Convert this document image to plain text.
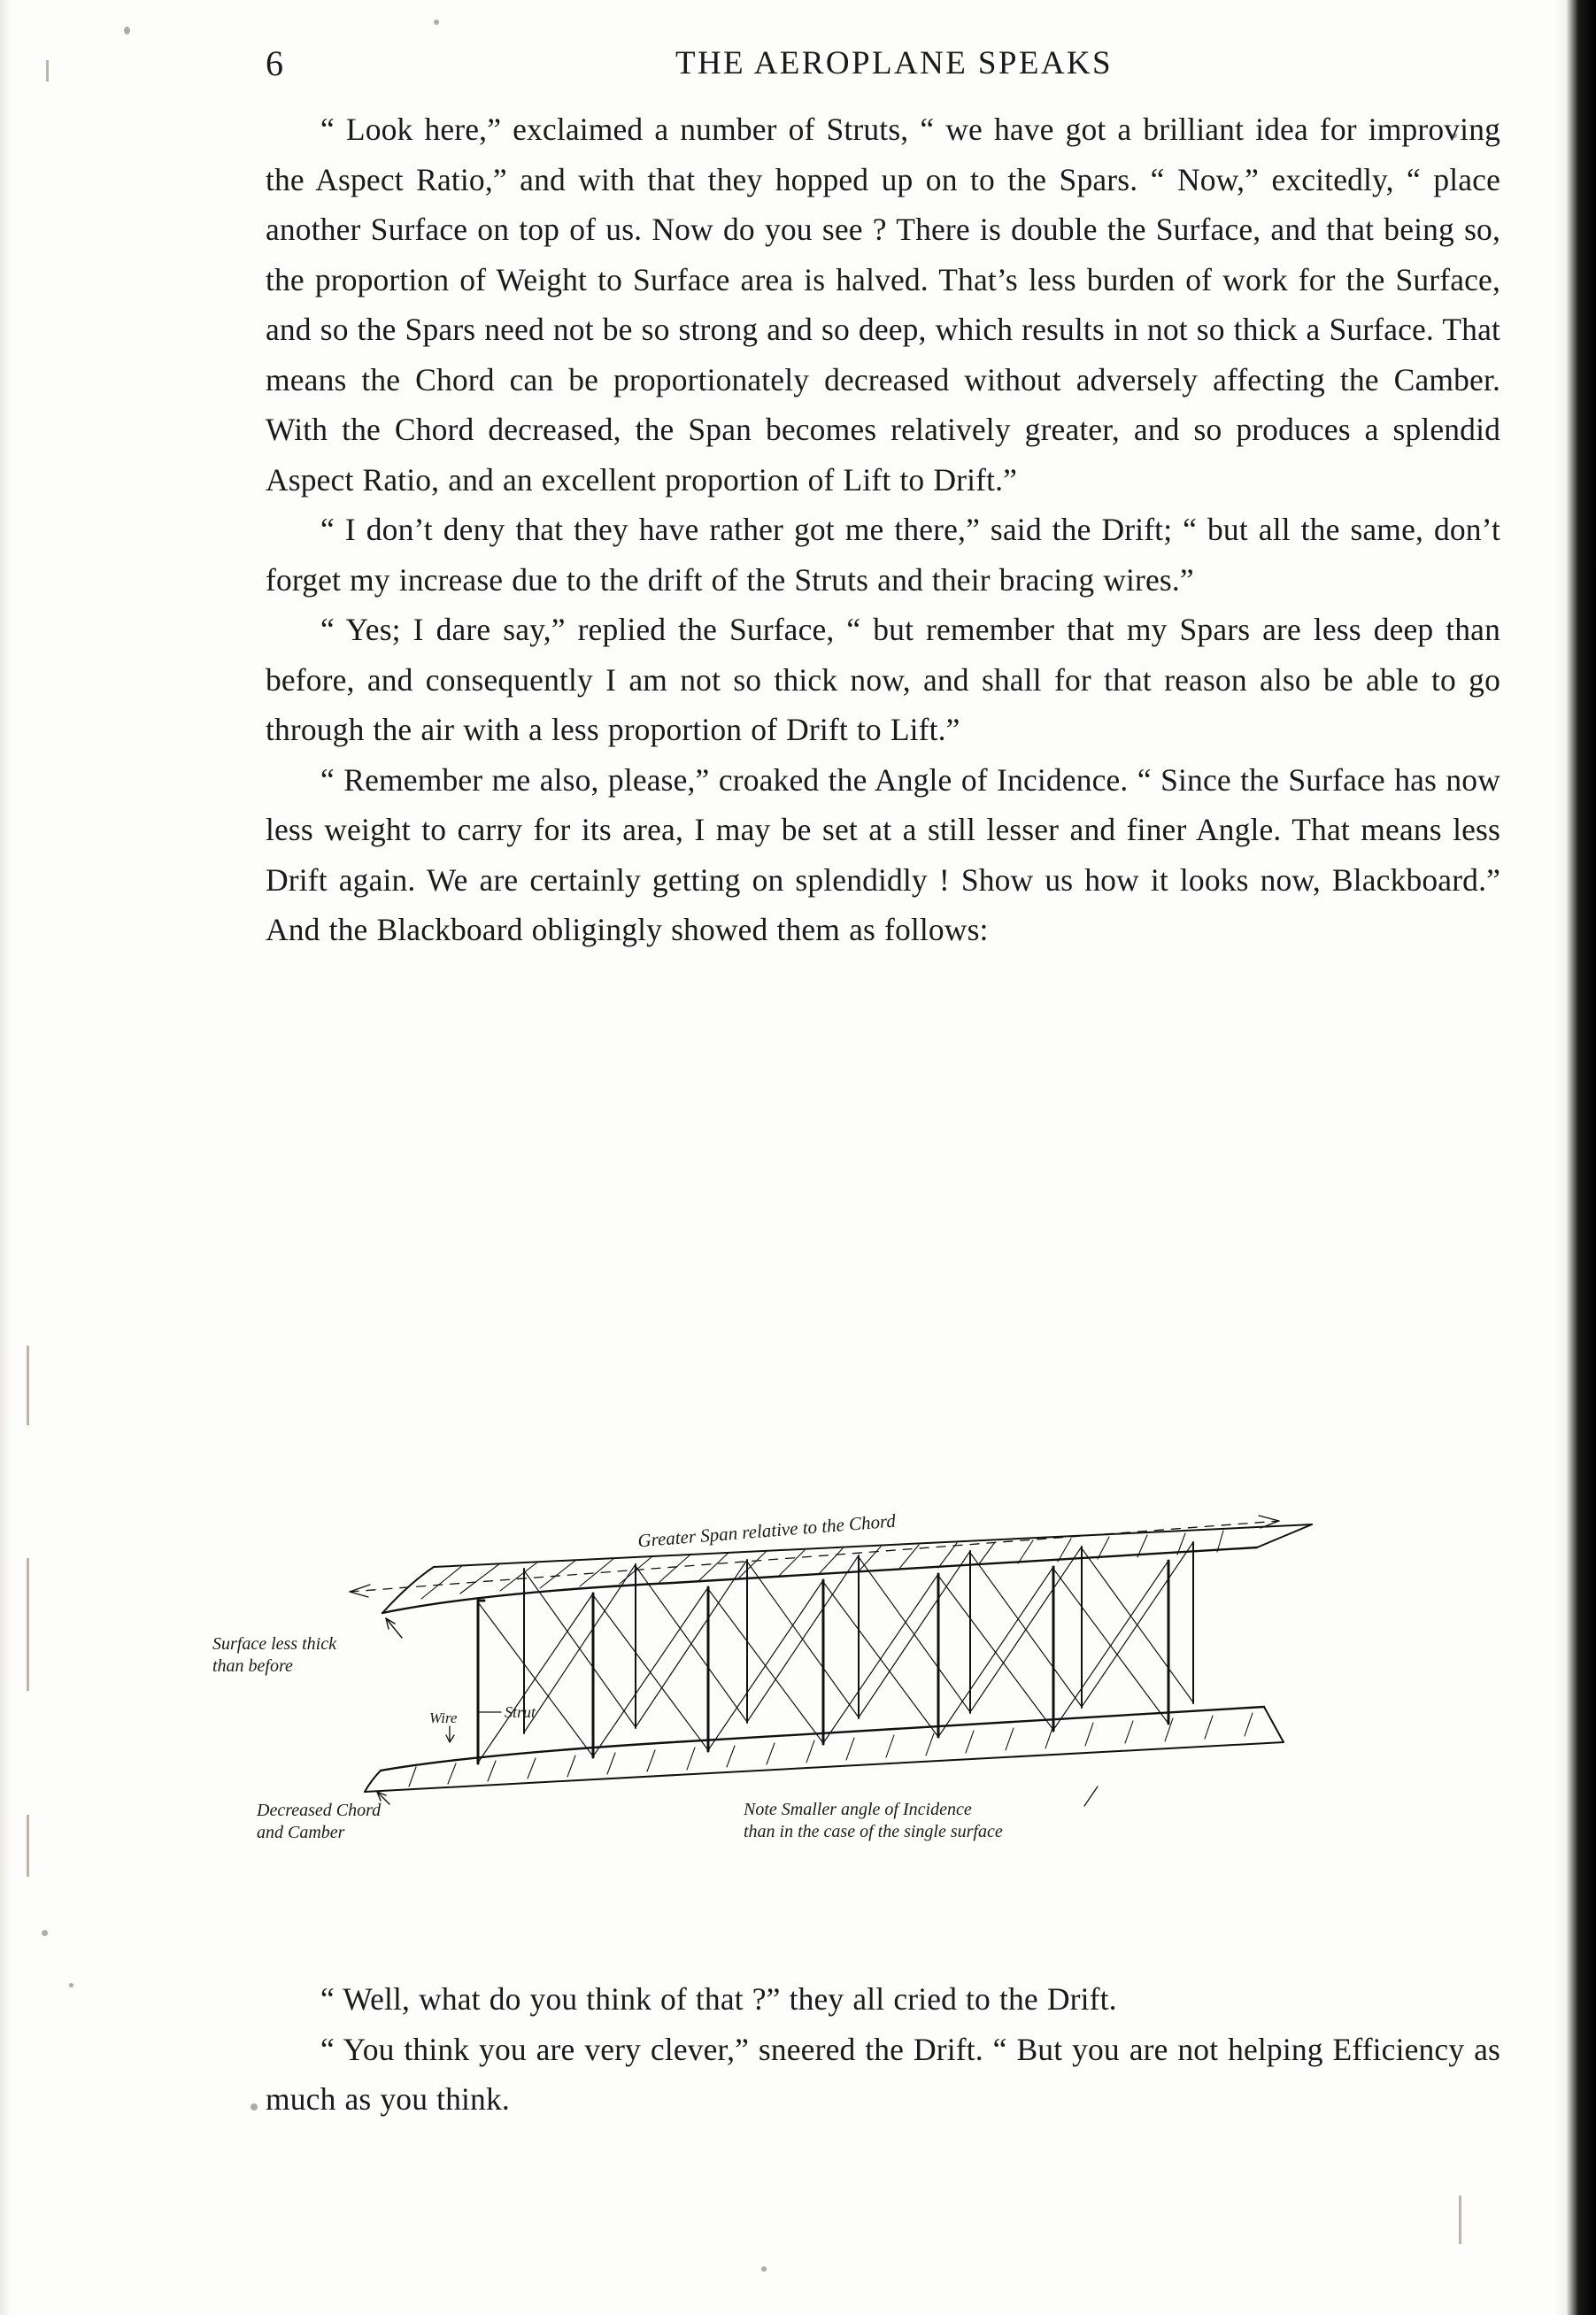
6	THE AEROPLANE SPEAKS

“ Look here,” exclaimed a number of Struts, “ we have got a brilliant idea for improving the Aspect Ratio,” and with that they hopped up on to the Spars. “ Now,” excitedly, “ place another Surface on top of us. Now do you see ? There is double the Surface, and that being so, the proportion of Weight to Surface area is halved. That’s less burden of work for the Surface, and so the Spars need not be so strong and so deep, which results in not so thick a Surface. That means the Chord can be proportionately decreased without adversely affecting the Camber. With the Chord decreased, the Span becomes relatively greater, and so produces a splendid Aspect Ratio, and an excellent proportion of Lift to Drift.”

“ I don’t deny that they have rather got me there,” said the Drift; “ but all the same, don’t forget my increase due to the drift of the Struts and their bracing wires.”

“ Yes; I dare say,” replied the Surface, “ but remember that my Spars are less deep than before, and consequently I am not so thick now, and shall for that reason also be able to go through the air with a less proportion of Drift to Lift.”

“ Remember me also, please,” croaked the Angle of Incidence. “ Since the Surface has now less weight to carry for its area, I may be set at a still lesser and finer Angle. That means less Drift again. We are certainly getting on splendidly ! Show us how it looks now, Blackboard.” And the Blackboard obligingly showed them as follows:

Greater Span relative to the Chord
Surface less thick
than before
Wire	Strut
Decreased Chord
and Camber
Note Smaller angle of Incidence
than in the case of the single surface

“ Well, what do you think of that ?” they all cried to the Drift.

“ You think you are very clever,” sneered the Drift. “ But you are not helping Efficiency as much as you think.
